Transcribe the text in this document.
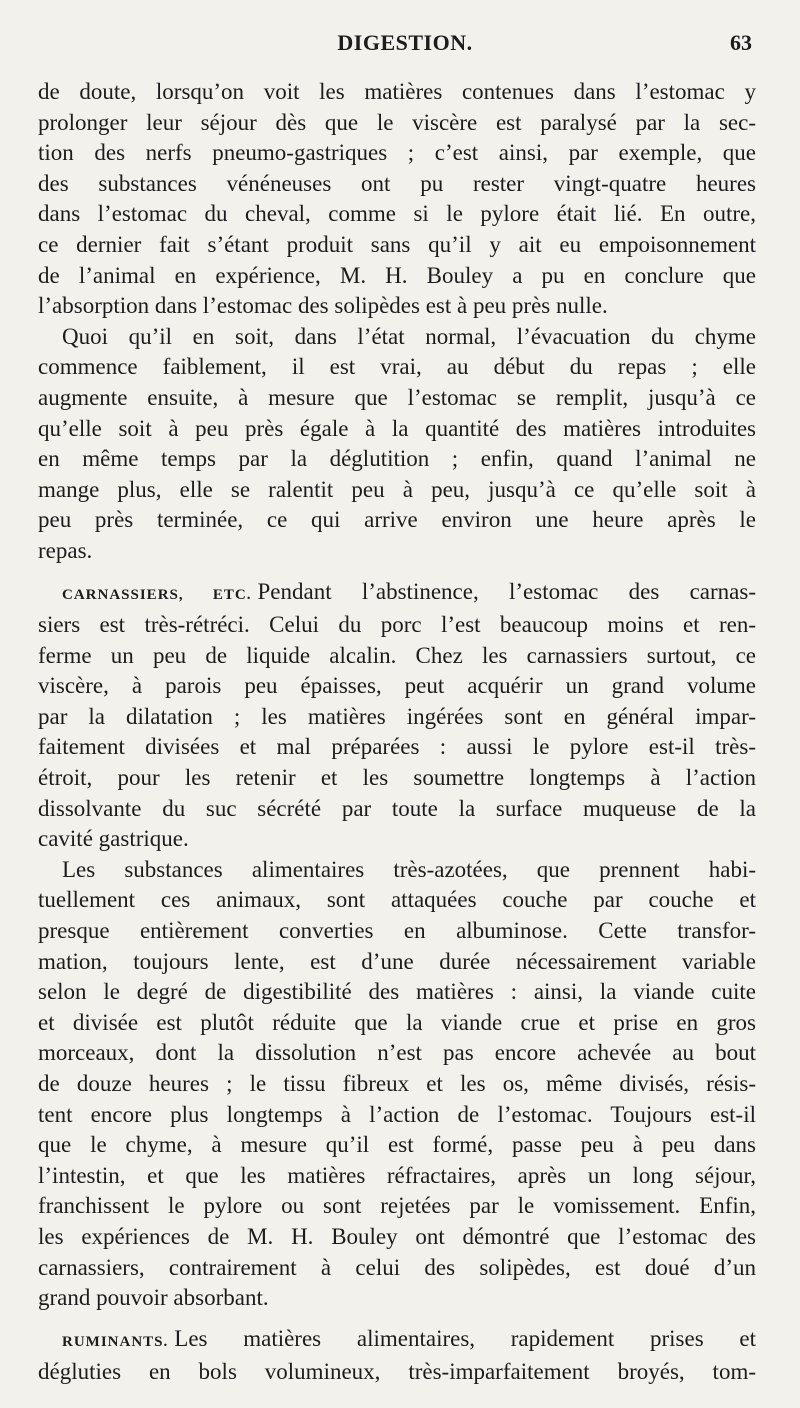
DIGESTION.	63

de doute, lorsqu’on voit les matières contenues dans l’estomac y
prolonger leur séjour dès que le viscère est paralysé par la sec-
tion des nerfs pneumo-gastriques ; c’est ainsi, par exemple, que
des substances vénéneuses ont pu rester vingt-quatre heures
dans l’estomac du cheval, comme si le pylore était lié. En outre,
ce dernier fait s’étant produit sans qu’il y ait eu empoisonnement
de l’animal en expérience, M. H. Bouley a pu en conclure que
l’absorption dans l’estomac des solipèdes est à peu près nulle.

Quoi qu’il en soit, dans l’état normal, l’évacuation du chyme
commence faiblement, il est vrai, au début du repas ; elle
augmente ensuite, à mesure que l’estomac se remplit, jusqu’à ce
qu’elle soit à peu près égale à la quantité des matières introduites
en même temps par la déglutition ; enfin, quand l’animal ne
mange plus, elle se ralentit peu à peu, jusqu’à ce qu’elle soit à
peu près terminée, ce qui arrive environ une heure après le
repas.

CARNASSIERS, ETC. Pendant l’abstinence, l’estomac des carnas-
siers est très-rétréci. Celui du porc l’est beaucoup moins et ren-
ferme un peu de liquide alcalin. Chez les carnassiers surtout, ce
viscère, à parois peu épaisses, peut acquérir un grand volume
par la dilatation ; les matières ingérées sont en général impar-
faitement divisées et mal préparées : aussi le pylore est-il très-
étroit, pour les retenir et les soumettre longtemps à l’action
dissolvante du suc sécrété par toute la surface muqueuse de la
cavité gastrique.

Les substances alimentaires très-azotées, que prennent habi-
tuellement ces animaux, sont attaquées couche par couche et
presque entièrement converties en albuminose. Cette transfor-
mation, toujours lente, est d’une durée nécessairement variable
selon le degré de digestibilité des matières : ainsi, la viande cuite
et divisée est plutôt réduite que la viande crue et prise en gros
morceaux, dont la dissolution n’est pas encore achevée au bout
de douze heures ; le tissu fibreux et les os, même divisés, résis-
tent encore plus longtemps à l’action de l’estomac. Toujours est-il
que le chyme, à mesure qu’il est formé, passe peu à peu dans
l’intestin, et que les matières réfractaires, après un long séjour,
franchissent le pylore ou sont rejetées par le vomissement. Enfin,
les expériences de M. H. Bouley ont démontré que l’estomac des
carnassiers, contrairement à celui des solipèdes, est doué d’un
grand pouvoir absorbant.

RUMINANTS. Les matières alimentaires, rapidement prises et
dégluties en bols volumineux, très-imparfaitement broyés, tom-
